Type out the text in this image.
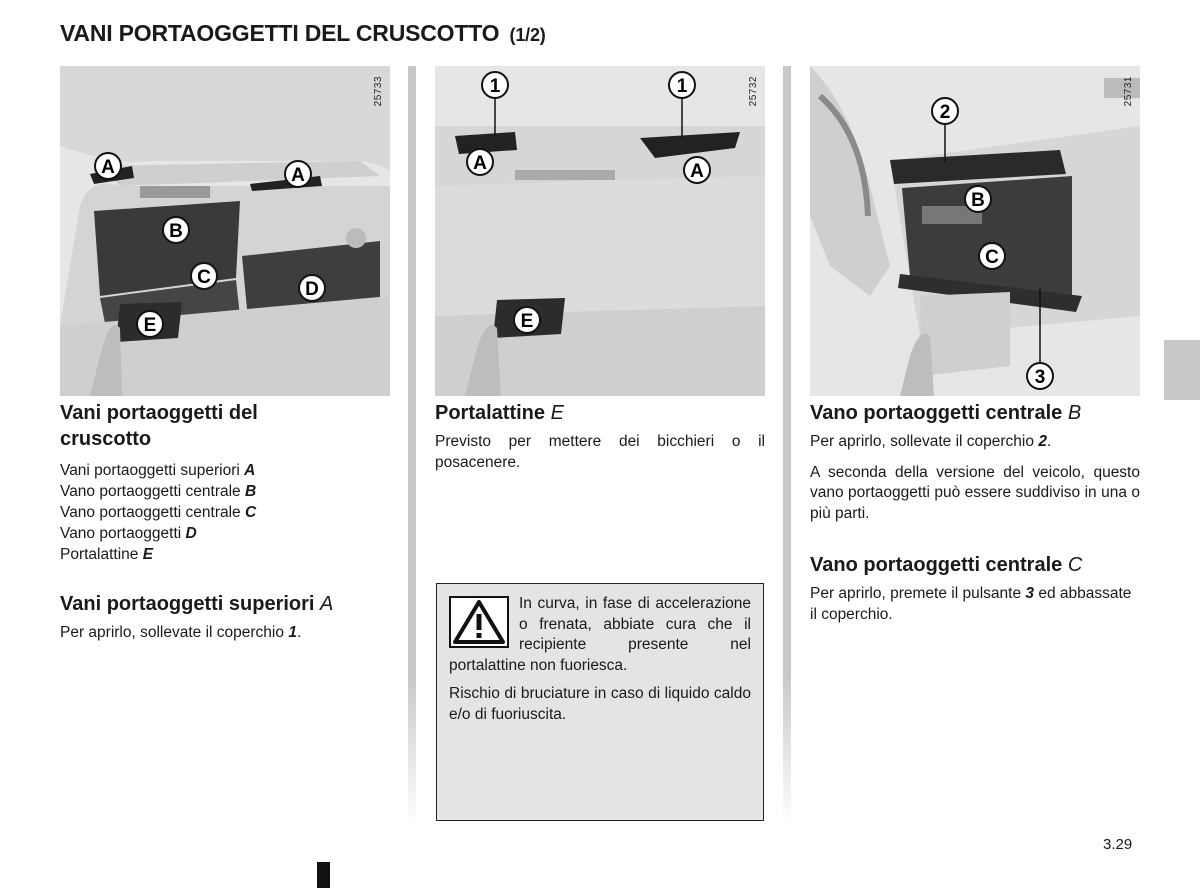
VANI PORTAOGGETTI DEL CRUSCOTTO (1/2)
A	A
B
C
D
E
25733	1	1
A	A
E
25732
2
B
C
3
25731
Vani portaoggetti del cruscotto
Vani portaoggetti superiori A
Vano portaoggetti centrale B
Vano portaoggetti centrale C
Vano portaoggetti D
Portalattine E
Vani portaoggetti superiori A

Per aprirlo, sollevate il coperchio 1.

Portalattine E

Previsto per mettere dei bicchieri o il posacenere.

In curva, in fase di accelerazione o frenata, abbiate cura che il recipiente presente nel portalattine non fuoriesca.

Rischio di bruciature in caso di liquido caldo e/o di fuoriuscita.

Vano portaoggetti centrale B

Per aprirlo, sollevate il coperchio 2.

A seconda della versione del veicolo, questo vano portaoggetti può essere suddiviso in una o più parti.

Vano portaoggetti centrale C

Per aprirlo, premete il pulsante 3 ed abbassate il coperchio.

3.29
